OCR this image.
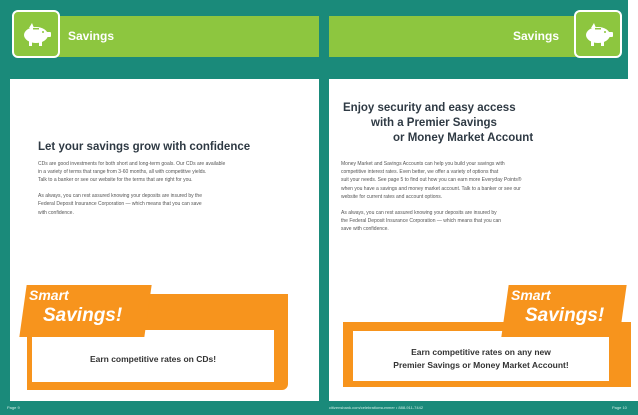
Savings
Let your savings grow with confidence

CDs are good investments for both short and long-term goals. Our CDs are available
in a variety of terms that range from 3-60 months, all with competitive yields.
Talk to a banker or see our website for the terms that are right for you.

As always, you can rest assured knowing your deposits are insured by the
Federal Deposit Insurance Corporation — which means that you can save
with confidence.

Smart
Savings!
Earn competitive rates on CDs!
Savings
Enjoy security and easy access
with a Premier Savings
or Money Market Account

Money Market and Savings Accounts can help you build your savings with
competitive interest rates. Even better, we offer a variety of options that
suit your needs. See page 5 to find out how you can earn more Everyday Points®
when you have a savings and money market account. Talk to a banker or see our
website for current rates and account options.

As always, you can rest assured knowing your deposits are insured by
the Federal Deposit Insurance Corporation — which means that you can
save with confidence.

Smart
Savings!
Earn competitive rates on any new
Premier Savings or Money Market Account!
Page 9	citizensbank.com/celebrationsummer • 888-911-7442	Page 10
